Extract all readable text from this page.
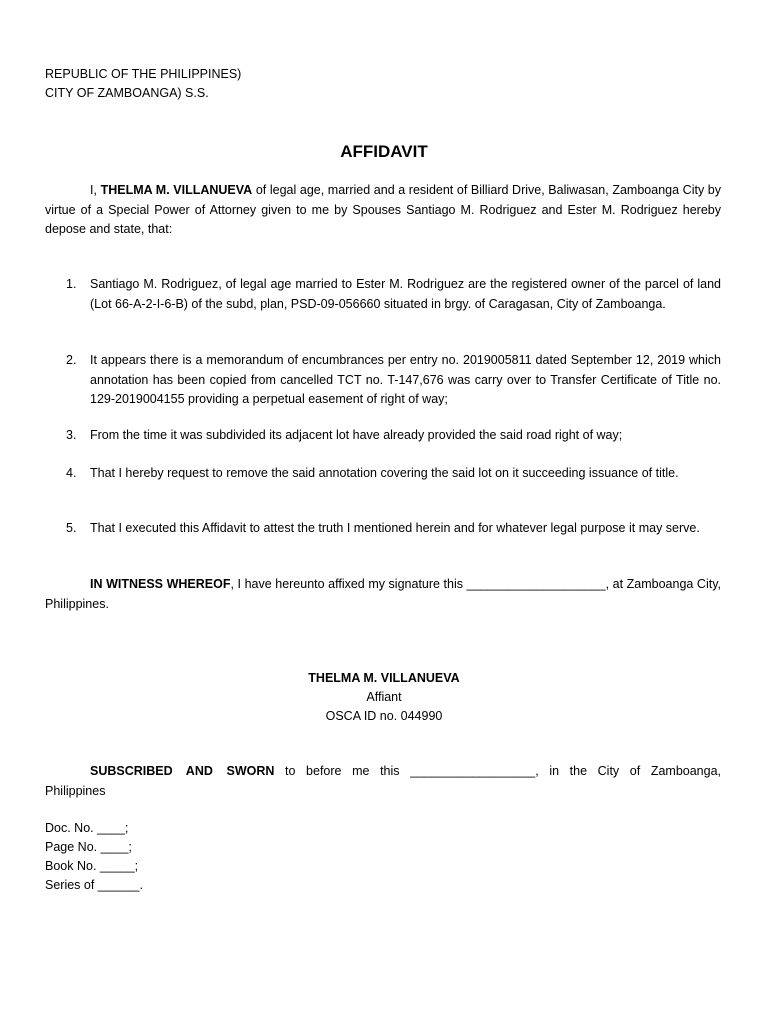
REPUBLIC OF THE PHILIPPINES)
CITY OF ZAMBOANGA) S.S.
AFFIDAVIT
I, THELMA M. VILLANUEVA of legal age, married and a resident of Billiard Drive, Baliwasan, Zamboanga City by virtue of a Special Power of Attorney given to me by Spouses Santiago M. Rodriguez and Ester M. Rodriguez hereby depose and state, that:
1. Santiago M. Rodriguez, of legal age married to Ester M. Rodriguez are the registered owner of the parcel of land (Lot 66-A-2-I-6-B) of the subd, plan, PSD-09-056660 situated in brgy. of Caragasan, City of Zamboanga.
2. It appears there is a memorandum of encumbrances per entry no. 2019005811 dated September 12, 2019 which annotation has been copied from cancelled TCT no. T-147,676 was carry over to Transfer Certificate of Title no. 129-2019004155 providing a perpetual easement of right of way;
3. From the time it was subdivided its adjacent lot have already provided the said road right of way;
4. That I hereby request to remove the said annotation covering the said lot on it succeeding issuance of title.
5. That I executed this Affidavit to attest the truth I mentioned herein and for whatever legal purpose it may serve.
IN WITNESS WHEREOF, I have hereunto affixed my signature this ____________________, at Zamboanga City, Philippines.
THELMA M. VILLANUEVA
Affiant
OSCA ID no. 044990
SUBSCRIBED AND SWORN to before me this __________________, in the City of Zamboanga, Philippines
Doc. No. ____;
Page No. ____;
Book No. _____;
Series of ______.
